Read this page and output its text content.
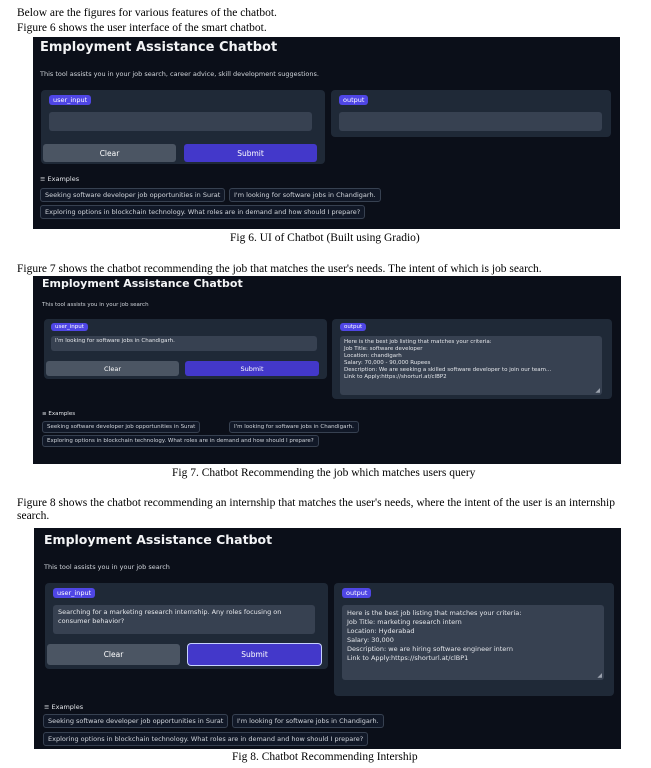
Below are the figures for various features of the chatbot.
Figure 6 shows the user interface of the smart chatbot.
Employment Assistance Chatbot
This tool assists you in your job search, career advice, skill development suggestions.
user_input
Clear	Submit
output
≡ Examples
Seeking software developer job opportunities in Surat	I'm looking for software jobs in Chandigarh.
Exploring options in blockchain technology. What roles are in demand and how should I prepare?
Fig 6. UI of Chatbot (Built using Gradio)
Figure 7 shows the chatbot recommending the job that matches the user's needs. The intent of which is job search.
Employment Assistance Chatbot
This tool assists you in your job search
user_input
I'm looking for software jobs in Chandigarh.
Clear	Submit
output
Here is the best job listing that matches your criteria:
Job Title: software developer
Location: chandigarh
Salary: 70,000 - 90,000 Rupees
Description: We are seeking a skilled software developer to join our team...
Link to Apply:https://shorturl.at/clBP2
◢
≡ Examples
Seeking software developer job opportunities in Surat	I'm looking for software jobs in Chandigarh.
Exploring options in blockchain technology. What roles are in demand and how should I prepare?
Fig 7. Chatbot Recommending the job which matches users query
Figure 8 shows the chatbot recommending an internship that matches the user's needs, where the intent of the user is an internship search.
Employment Assistance Chatbot
This tool assists you in your job search
user_input
Searching for a marketing research internship. Any roles focusing on consumer behavior?
Clear	Submit
output
Here is the best job listing that matches your criteria:
Job Title: marketing research intern
Location: Hyderabad
Salary: 30,000
Description: we are hiring software engineer intern
Link to Apply:https://shorturl.at/clBP1
◢
≡ Examples
Seeking software developer job opportunities in Surat	I'm looking for software jobs in Chandigarh.
Exploring options in blockchain technology. What roles are in demand and how should I prepare?
Fig 8. Chatbot Recommending Intership
